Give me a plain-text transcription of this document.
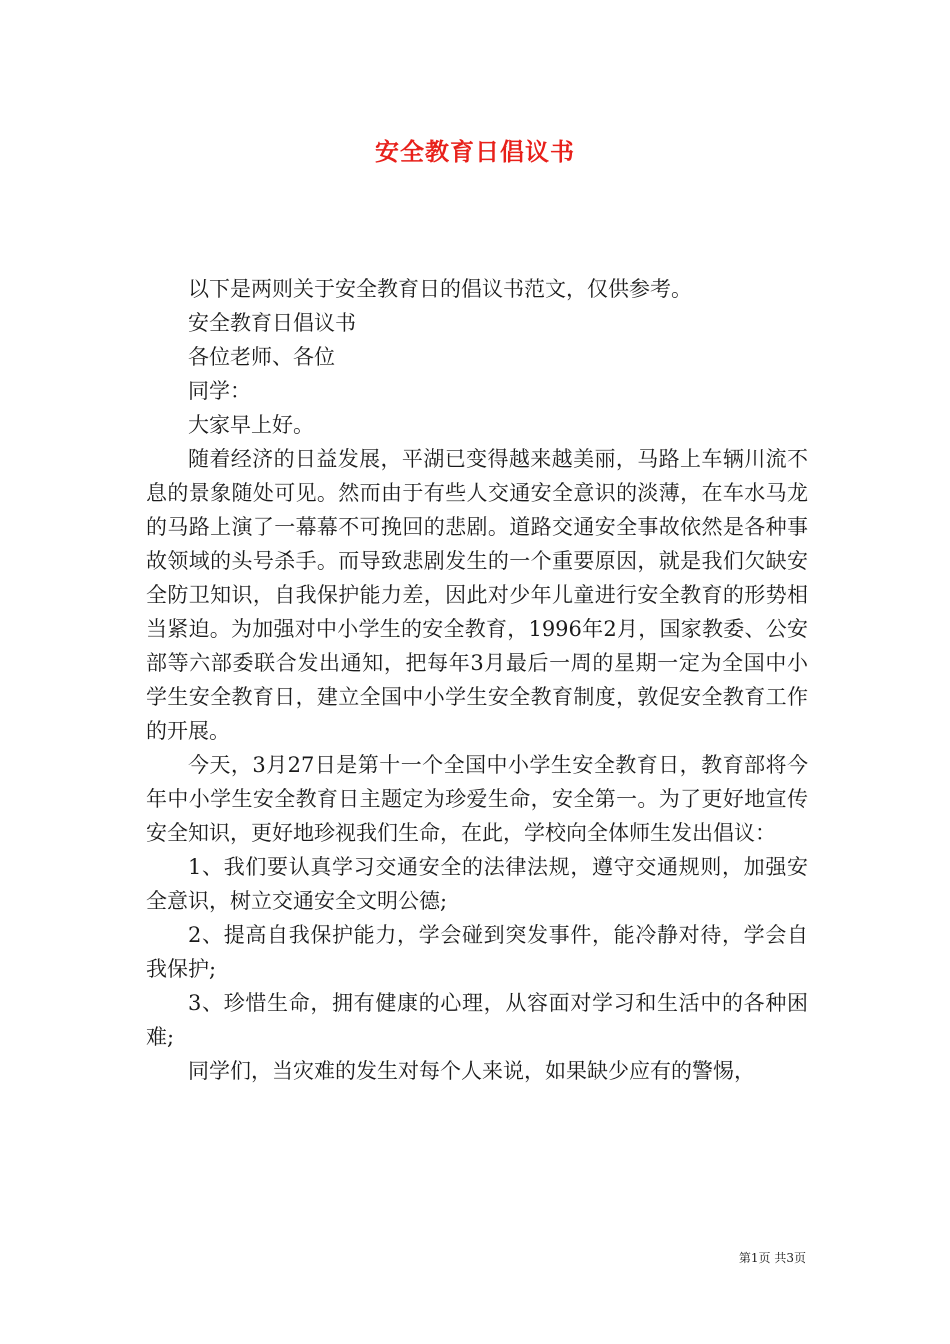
安全教育日倡议书

以下是两则关于安全教育日的倡议书范文，仅供参考。

安全教育日倡议书

各位老师、各位

同学：

大家早上好。

随着经济的日益发展，平湖已变得越来越美丽，马路上车辆川流不息的景象随处可见。然而由于有些人交通安全意识的淡薄，在车水马龙的马路上演了一幕幕不可挽回的悲剧。道路交通安全事故依然是各种事故领域的头号杀手。而导致悲剧发生的一个重要原因，就是我们欠缺安全防卫知识，自我保护能力差，因此对少年儿童进行安全教育的形势相当紧迫。为加强对中小学生的安全教育，1996年2月，国家教委、公安部等六部委联合发出通知，把每年3月最后一周的星期一定为全国中小学生安全教育日，建立全国中小学生安全教育制度，敦促安全教育工作的开展。

今天，3月27日是第十一个全国中小学生安全教育日，教育部将今年中小学生安全教育日主题定为珍爱生命，安全第一。为了更好地宣传安全知识，更好地珍视我们生命，在此，学校向全体师生发出倡议：

1、我们要认真学习交通安全的法律法规，遵守交通规则，加强安全意识，树立交通安全文明公德;

2、提高自我保护能力，学会碰到突发事件，能冷静对待，学会自我保护;

3、珍惜生命，拥有健康的心理，从容面对学习和生活中的各种困难;

同学们，当灾难的发生对每个人来说，如果缺少应有的警惕，

第1页 共3页
